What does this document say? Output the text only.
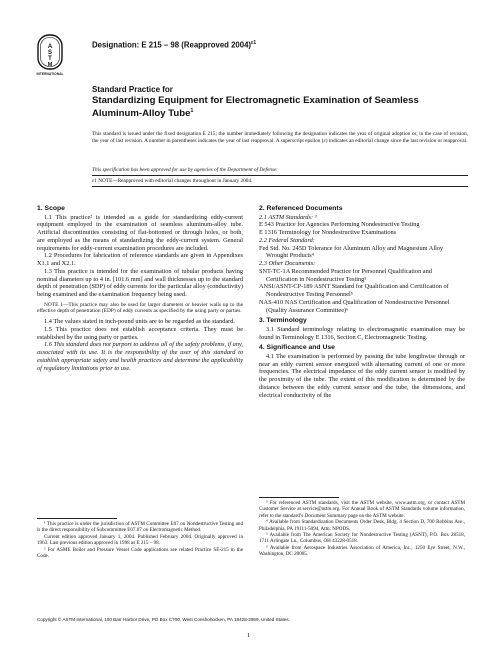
A
S
T
M
INTERNATIONAL
Designation: E 215 – 98 (Reapproved 2004)$^{\varepsilon 1}$
Standard Practice for
Standardizing Equipment for Electromagnetic Examination of Seamless Aluminum-Alloy Tube$^1$
This standard is issued under the fixed designation E 215; the number immediately following the designation indicates the year of original adoption or, in the case of revision, the year of last revision. A number in parentheses indicates the year of last reapproval. A superscript epsilon (ε) indicates an editorial change since the last revision or reapproval.
This specification has been approved for use by agencies of the Department of Defense.
ε1 NOTE—Reapproved with editorial changes throughout in January 2004.
1. Scope

1.1 This practice² is intended as a guide for standardizing eddy-current equipment employed in the examination of seamless aluminum-alloy tube. Artificial discontinuities consisting of flat-bottomed or through holes, or both, are employed as the means of standardizing the eddy-current system. General requirements for eddy-current examination procedures are included.

1.2 Procedures for fabrication of reference standards are given in Appendixes X1.1 and X2.1.

1.3 This practice is intended for the examination of tubular products having nominal diameters up to 4 in. [101.6 mm] and wall thicknesses up to the standard depth of penetration (SDP) of eddy currents for the particular alloy (conductivity) being examined and the examination frequency being used.

NOTE 1—This practice may also be used for larger diameters or heavier walls up to the effective depth of penetration (EDP) of eddy currents as specified by the using party or parties.

1.4 The values stated in inch-pound units are to be regarded as the standard.

1.5 This practice does not establish acceptance criteria. They must be established by the using party or parties.

1.6 This standard does not purport to address all of the safety problems, if any, associated with its use. It is the responsibility of the user of this standard to establish appropriate safety and health practices and determine the applicability of regulatory limitations prior to use.

¹ This practice is under the jurisdiction of ASTM Committee E07 on Nondestructive Testing and is the direct responsibility of Subcommittee E07.07 on Electromagnetic Method.

Current edition approved January 1, 2004. Published February 2004. Originally approved in 1963. Last previous edition approved in 1998 as E 215 – 98.

² For ASME Boiler and Pressure Vessel Code applications see related Practice SE-215 in the Code.

2. Referenced Documents

2.1 ASTM Standards: ³

E 543 Practice for Agencies Performing Nondestructive Testing

E 1316 Terminology for Nondestructive Examinations

2.2 Federal Standard:

Fed Std. No. 245D Tolerance for Aluminum Alloy and Magnesium Alloy Wrought Products⁴

2.3 Other Documents:

SNT-TC-1A Recommended Practice for Personnel Qualification and Certification in Nondestructive Testing⁵

ANSI/ASNT-CP-189 ASNT Standard for Qualification and Certification of Nondestructive Testing Personnel⁵

NAS-410 NAS Certification and Qualification of Nondestructive Personnel (Quality Assurance Committee)⁶

3. Terminology

3.1 Standard terminology relating to electromagnetic examination may be found in Terminology E 1316, Section C, Electromagnetic Testing.

4. Significance and Use

4.1 The examination is performed by passing the tube lengthwise through or near an eddy current sensor energized with alternating current of one or more frequencies. The electrical impedance of the eddy current sensor is modified by the proximity of the tube. The extent of this modification is determined by the distance between the eddy current sensor and the tube, the dimensions, and electrical conductivity of the

³ For referenced ASTM standards, visit the ASTM website, www.astm.org, or contact ASTM Customer Service at service@astm.org. For Annual Book of ASTM Standards volume information, refer to the standard’s Document Summary page on the ASTM website.

⁴ Available from Standardization Documents Order Desk, Bldg. 4 Section D, 700 Robbins Ave., Philadelphia, PA 19111-5094, Attn: NPODS.

⁵ Available from The American Society for Nondestructive Testing (ASNT), P.O. Box 28518, 1711 Arlingate Ln., Columbus, OH 43228-0518.

⁶ Available from Aerospace Industries Association of America, Inc., 1250 Eye Street, N.W., Washington, DC 20005.

Copyright © ASTM International, 100 Barr Harbor Drive, PO Box C700, West Conshohocken, PA 19428-2959, United States.
1
